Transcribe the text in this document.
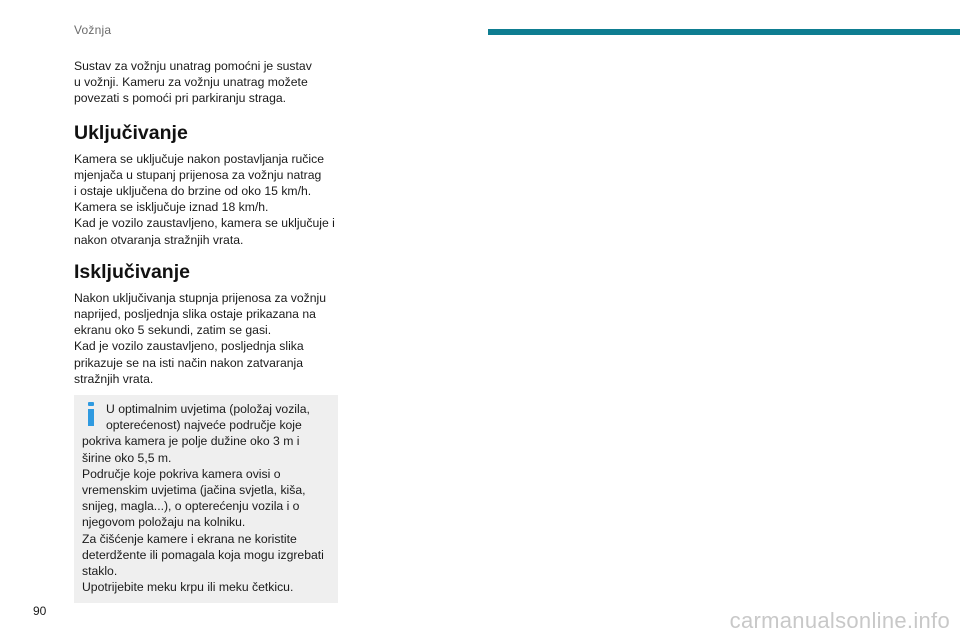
Vožnja

Sustav za vožnju unatrag pomoćni je sustav
u vožnji. Kameru za vožnju unatrag možete
povezati s pomoći pri parkiranju straga.

Uključivanje

Kamera se uključuje nakon postavljanja ručice
mjenjača u stupanj prijenosa za vožnju natrag
i ostaje uključena do brzine od oko 15 km/h.
Kamera se isključuje iznad 18 km/h.
Kad je vozilo zaustavljeno, kamera se uključuje i
nakon otvaranja stražnjih vrata.

Isključivanje

Nakon uključivanja stupnja prijenosa za vožnju
naprijed, posljednja slika ostaje prikazana na
ekranu oko 5 sekundi, zatim se gasi.
Kad je vozilo zaustavljeno, posljednja slika
prikazuje se na isti način nakon zatvaranja
stražnjih vrata.

U optimalnim uvjetima (položaj vozila,
opterećenost) najveće područje koje

pokriva kamera je polje dužine oko 3 m i
širine oko 5,5 m.
Područje koje pokriva kamera ovisi o
vremenskim uvjetima (jačina svjetla, kiša,
snijeg, magla...), o opterećenju vozila i o
njegovom položaju na kolniku.
Za čišćenje kamere i ekrana ne koristite
deterdžente ili pomagala koja mogu izgrebati
staklo.
Upotrijebite meku krpu ili meku četkicu.

90	carmanualsonline.info
